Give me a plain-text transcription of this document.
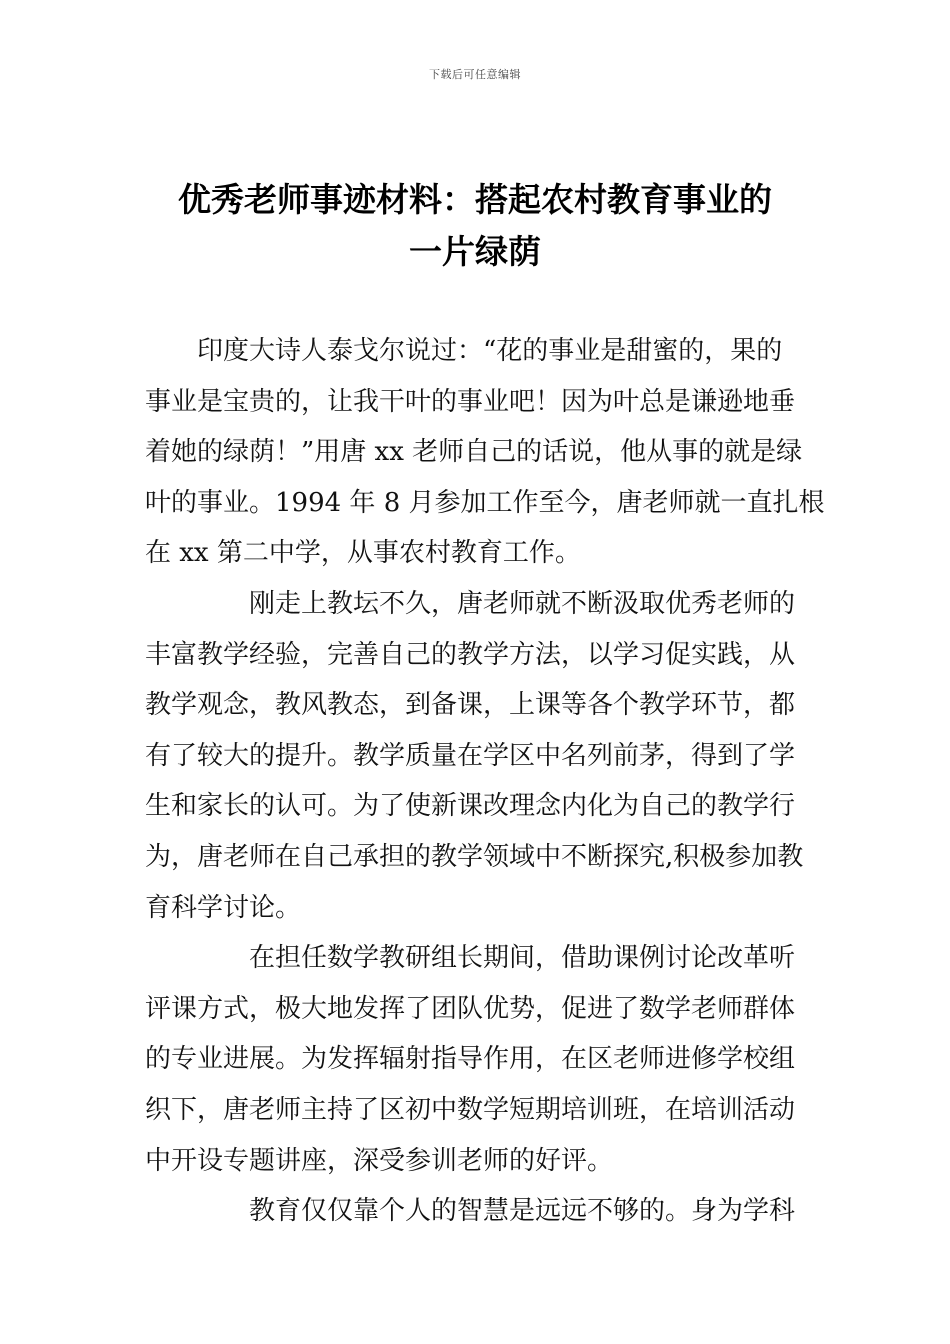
下载后可任意编辑
优秀老师事迹材料：搭起农村教育事业的
一片绿荫

印度大诗人泰戈尔说过：“花的事业是甜蜜的，果的
事业是宝贵的，让我干叶的事业吧！因为叶总是谦逊地垂
着她的绿荫！”用唐 xx 老师自己的话说，他从事的就是绿
叶的事业。1994 年 8 月参加工作至今，唐老师就一直扎根
在 xx 第二中学，从事农村教育工作。

刚走上教坛不久，唐老师就不断汲取优秀老师的
丰富教学经验，完善自己的教学方法，以学习促实践，从
教学观念，教风教态，到备课，上课等各个教学环节，都
有了较大的提升。教学质量在学区中名列前茅，得到了学
生和家长的认可。为了使新课改理念内化为自己的教学行
为，唐老师在自己承担的教学领域中不断探究,积极参加教
育科学讨论。

在担任数学教研组长期间，借助课例讨论改革听
评课方式，极大地发挥了团队优势，促进了数学老师群体
的专业进展。为发挥辐射指导作用，在区老师进修学校组
织下，唐老师主持了区初中数学短期培训班，在培训活动
中开设专题讲座，深受参训老师的好评。

教育仅仅靠个人的智慧是远远不够的。身为学科
